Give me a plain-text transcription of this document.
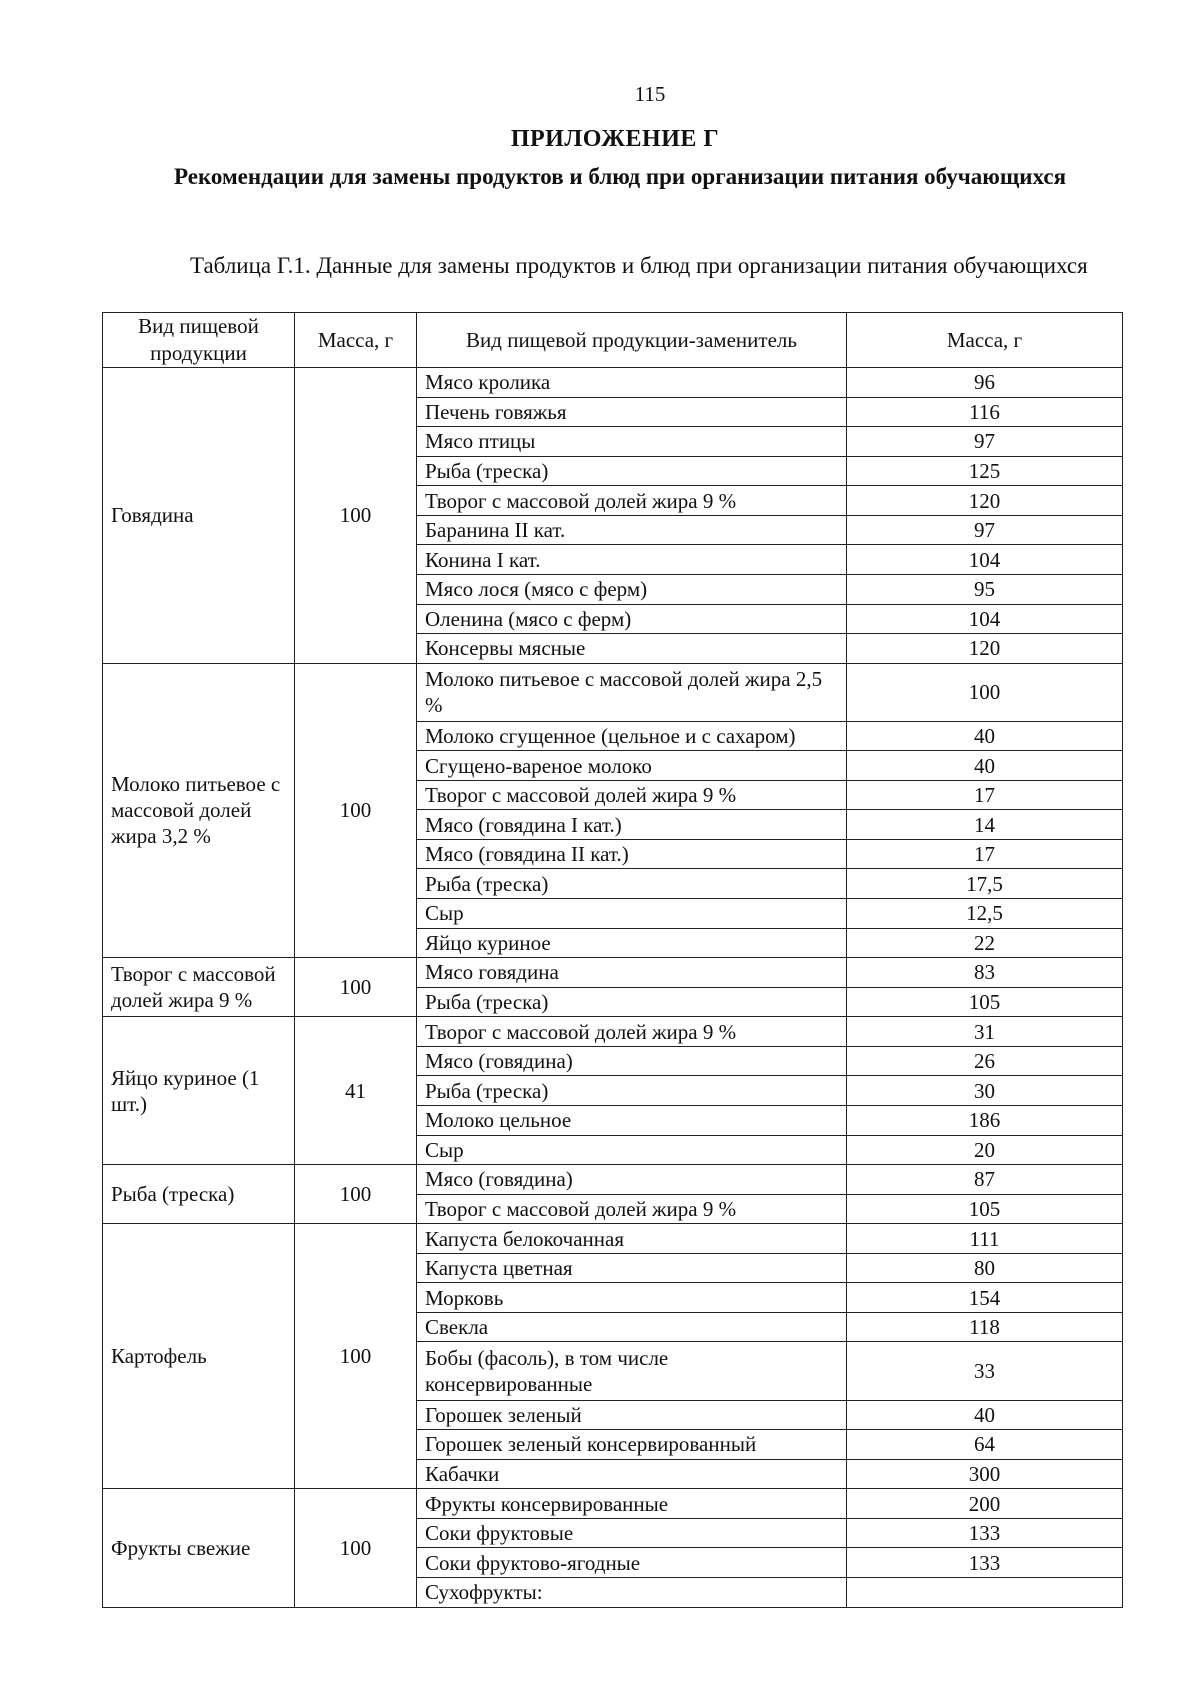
115
ПРИЛОЖЕНИЕ Г
Рекомендации для замены продуктов и блюд при организации питания обучающихся
Таблица Г.1. Данные для замены продуктов и блюд при организации питания обучающихся
Вид пищевой продукции	Масса, г	Вид пищевой продукции-заменитель	Масса, г
Говядина	100	Мясо кролика	96
		Печень говяжья	116
		Мясо птицы	97
		Рыба (треска)	125
		Творог с массовой долей жира 9 %	120
		Баранина II кат.	97
		Конина I кат.	104
		Мясо лося (мясо с ферм)	95
		Оленина (мясо с ферм)	104
		Консервы мясные	120
Молоко питьевое с массовой долей жира 3,2 %	100	Молоко питьевое с массовой долей жира 2,5 %	100
		Молоко сгущенное (цельное и с сахаром)	40
		Сгущено-вареное молоко	40
		Творог с массовой долей жира 9 %	17
		Мясо (говядина I кат.)	14
		Мясо (говядина II кат.)	17
		Рыба (треска)	17,5
		Сыр	12,5
		Яйцо куриное	22
Творог с массовой долей жира 9 %	100	Мясо говядина	83
		Рыба (треска)	105
Яйцо куриное (1 шт.)	41	Творог с массовой долей жира 9 %	31
		Мясо (говядина)	26
		Рыба (треска)	30
		Молоко цельное	186
		Сыр	20
Рыба (треска)	100	Мясо (говядина)	87
		Творог с массовой долей жира 9 %	105
Картофель	100	Капуста белокочанная	111
		Капуста цветная	80
		Морковь	154
		Свекла	118
		Бобы (фасоль), в том числе консервированные	33
		Горошек зеленый	40
		Горошек зеленый консервированный	64
		Кабачки	300
Фрукты свежие	100	Фрукты консервированные	200
		Соки фруктовые	133
		Соки фруктово-ягодные	133
		Сухофрукты:	
